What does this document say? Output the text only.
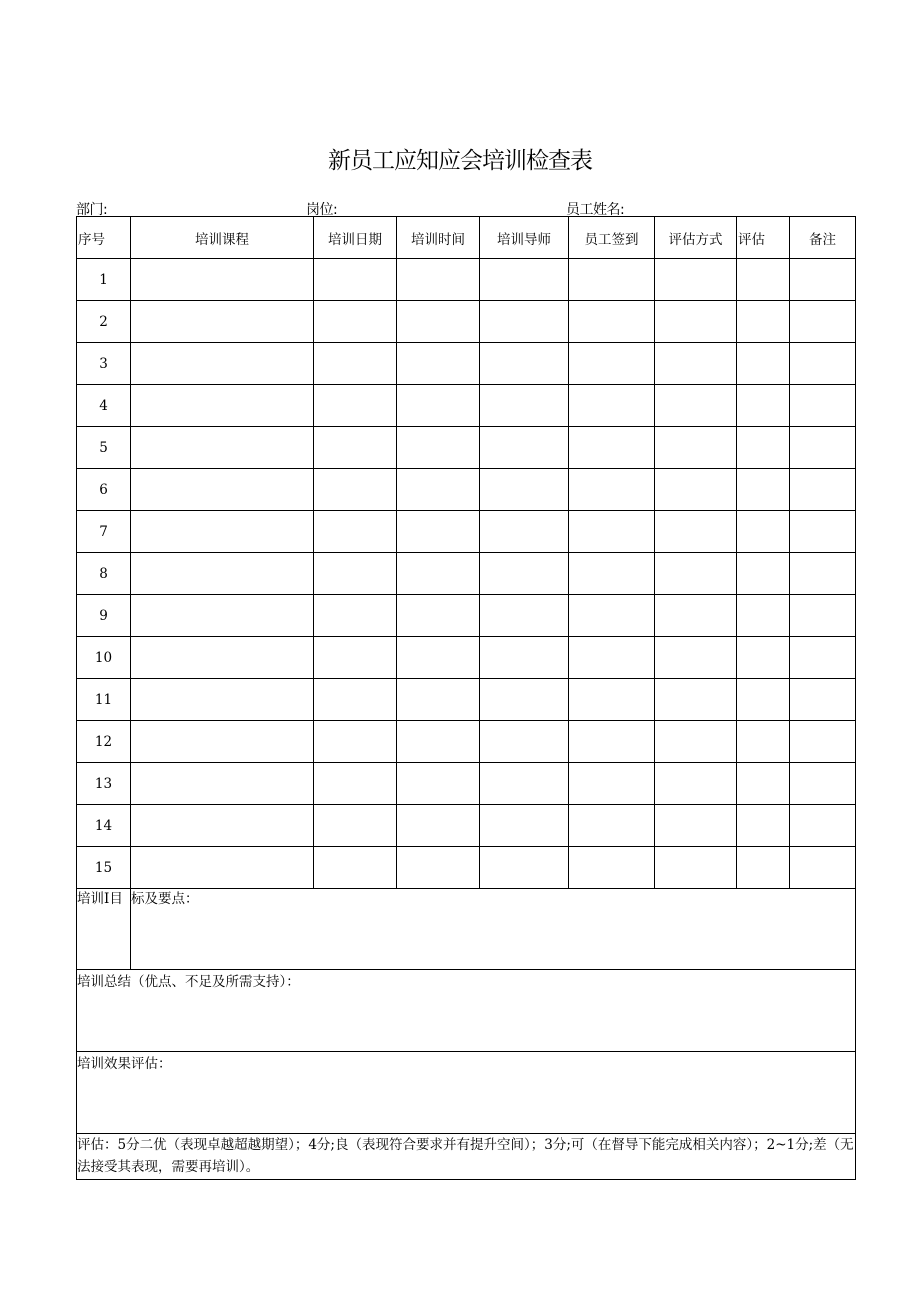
新员工应知应会培训检查表
部门:	岗位:	员工姓名:
序号	培训课程	培训日期	培训时间	培训导师	员工签到	评估方式	评估	备注
1								
2								
3								
4								
5								
6								
7								
8								
9								
10								
11								
12								
13								
14								
15								
培训I目	标及要点：							
培训总结（优点、不足及所需支持）：								
培训效果评估：								
评估：5分二优（表现卓越超越期望）；4分;良（表现符合要求并有提升空间）；3分;可（在督导下能完成相关内容）；2~1分;差（无法接受其表现，需要再培训）。								
